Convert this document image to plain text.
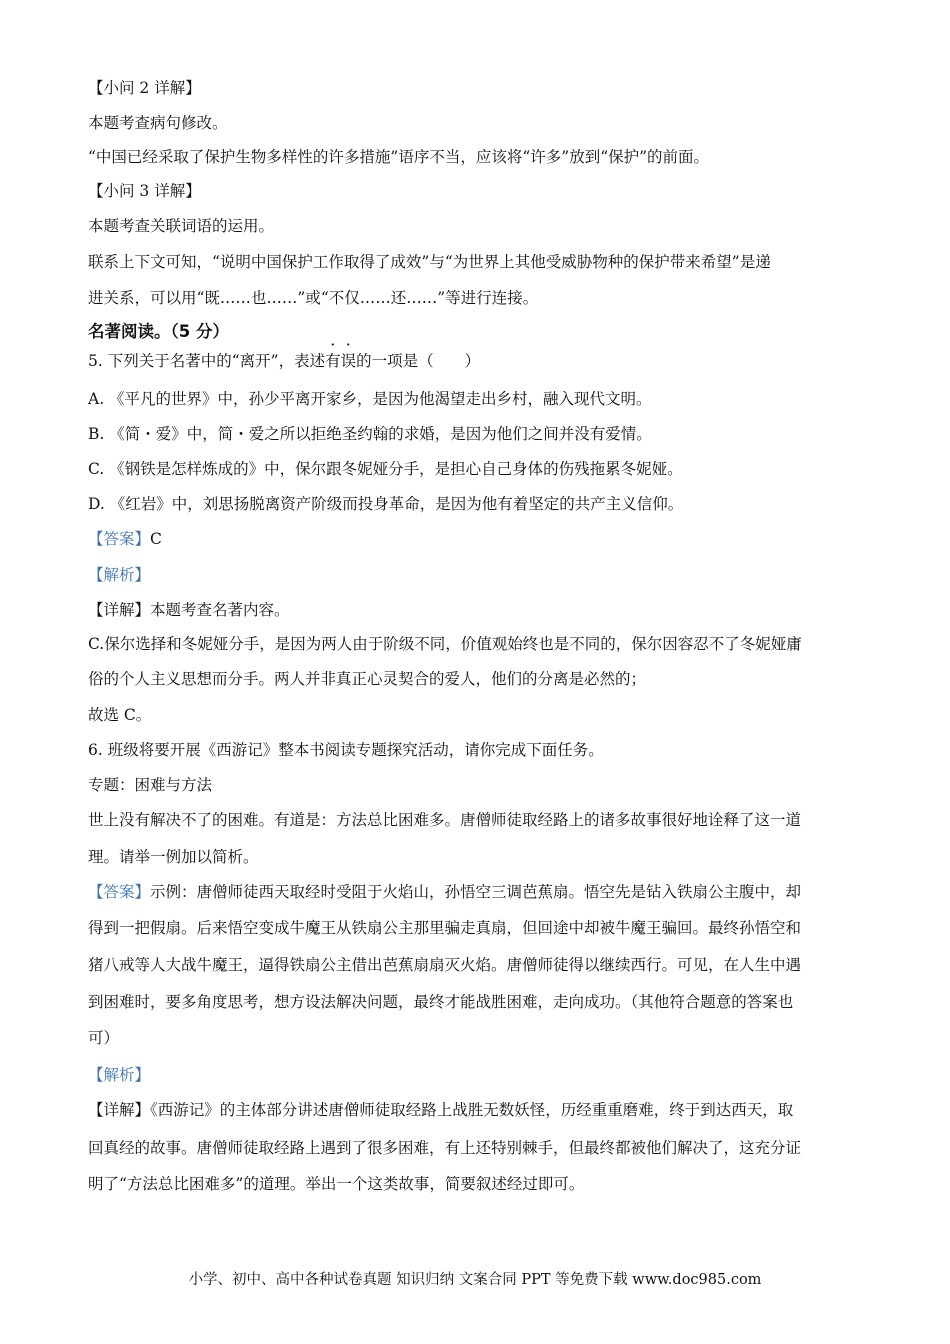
【小问 2 详解】
本题考查病句修改。
“中国已经采取了保护生物多样性的许多措施”语序不当，应该将“许多”放到“保护”的前面。
【小问 3 详解】
本题考查关联词语的运用。
联系上下文可知，“说明中国保护工作取得了成效”与“为世界上其他受威胁物种的保护带来希望”是递
进关系，可以用“既……也……”或“不仅……还……”等进行连接。
名著阅读。（5 分）
5. 下列关于名著中的“离开”，表述有误的一项是（　　）
A. 《平凡的世界》中，孙少平离开家乡，是因为他渴望走出乡村，融入现代文明。
B. 《简・爱》中，简・爱之所以拒绝圣约翰的求婚，是因为他们之间并没有爱情。
C. 《钢铁是怎样炼成的》中，保尔跟冬妮娅分手，是担心自己身体的伤残拖累冬妮娅。
D. 《红岩》中，刘思扬脱离资产阶级而投身革命，是因为他有着坚定的共产主义信仰。
【答案】C
【解析】
【详解】本题考查名著内容。
C.保尔选择和冬妮娅分手，是因为两人由于阶级不同，价值观始终也是不同的，保尔因容忍不了冬妮娅庸
俗的个人主义思想而分手。两人并非真正心灵契合的爱人，他们的分离是必然的；
故选 C。
6. 班级将要开展《西游记》整本书阅读专题探究活动，请你完成下面任务。
专题：困难与方法
世上没有解决不了的困难。有道是：方法总比困难多。唐僧师徒取经路上的诸多故事很好地诠释了这一道
理。请举一例加以简析。
【答案】示例：唐僧师徒西天取经时受阻于火焰山，孙悟空三调芭蕉扇。悟空先是钻入铁扇公主腹中，却
得到一把假扇。后来悟空变成牛魔王从铁扇公主那里骗走真扇，但回途中却被牛魔王骗回。最终孙悟空和
猪八戒等人大战牛魔王，逼得铁扇公主借出芭蕉扇扇灭火焰。唐僧师徒得以继续西行。可见，在人生中遇
到困难时，要多角度思考，想方设法解决问题，最终才能战胜困难，走向成功。（其他符合题意的答案也
可）
【解析】
【详解】《西游记》的主体部分讲述唐僧师徒取经路上战胜无数妖怪，历经重重磨难，终于到达西天，取
回真经的故事。唐僧师徒取经路上遇到了很多困难，有上还特别棘手，但最终都被他们解决了，这充分证
明了“方法总比困难多”的道理。举出一个这类故事，简要叙述经过即可。
小学、初中、高中各种试卷真题 知识归纳 文案合同 PPT 等免费下载 www.doc985.com
